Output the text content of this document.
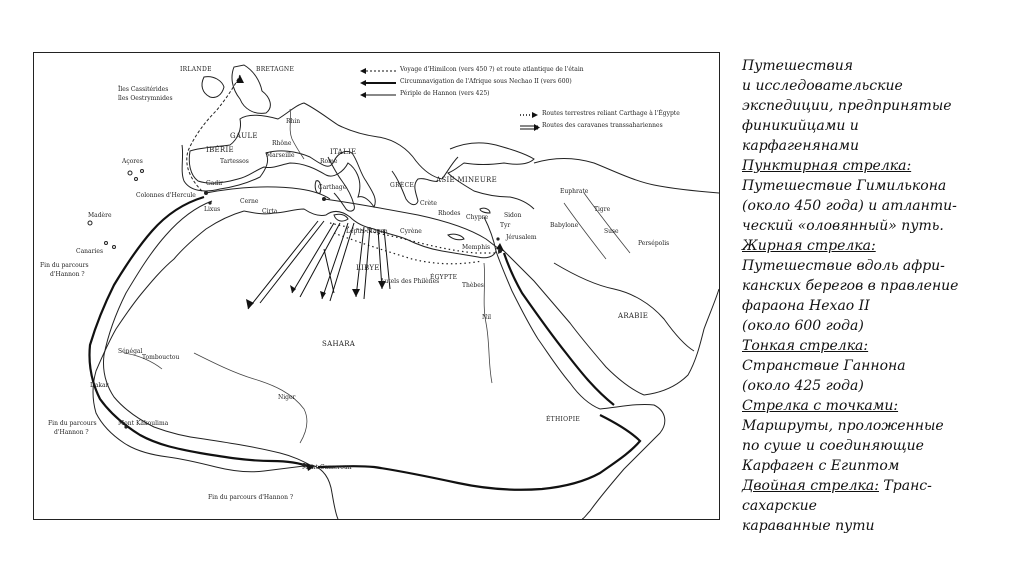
Voyage d'Himilcon (vers 450 ?) et route atlantique de l'étain
Circumnavigation de l'Afrique sous Nechao II (vers 600)
Périple de Hannon (vers 425)
Routes terrestres reliant Carthage à l'Égypte
Routes des caravanes transsahariennes
IRLANDE	BRETAGNE
Îles Cassitérides
îles Oestrymnides
GAULE
IBÉRIE
Tartessos
Gadir
Colonnes d'Hercule
Lixus
Madère
Açores
Canaries
Fin du parcours
d'Hannon ?
Marseille	ITALIE
Rome
Rhin
Rhône
GRÈCE
ASIE MINEURE
Carthage
Cirta
Cerne
Chypre
Crète
Rhodes	Sidon
Tyr
Jérusalem
Babylone
Suse
Persépolis
Autels des Philènes
Leptis Magna Cyrène
Memphis
LIBYE
ÉGYPTE
Thèbes
SAHARA
ARABIE
Nil
Niger
Sénégal
Dakar
Mont Kakoulima
Fin du parcours
d'Hannon ?
Mont Cameroun
Fin du parcours d'Hannon ?
ÉTHIOPIE
Tombouctou
Tigre
Euphrate
Путешествия
и исследовательские
экспедиции, предпринятые
финикийцами и
карфагенянами
Пунктирная стрелка:
Путешествие Гимилькона
(около 450 года) и атланти-
ческий «оловянный» путь.
Жирная стрелка:
Путешествие вдоль афри-
канских берегов в правление
фараона Нехао II
(около 600 года)
Тонкая стрелка:
Странствие Ганнона
(около 425 года)
Стрелка с точками:
Маршруты, проложенные
по суше и соединяющие
Карфаген с Египтом
Двойная стрелка: Транс-
сахарские
караванные пути
